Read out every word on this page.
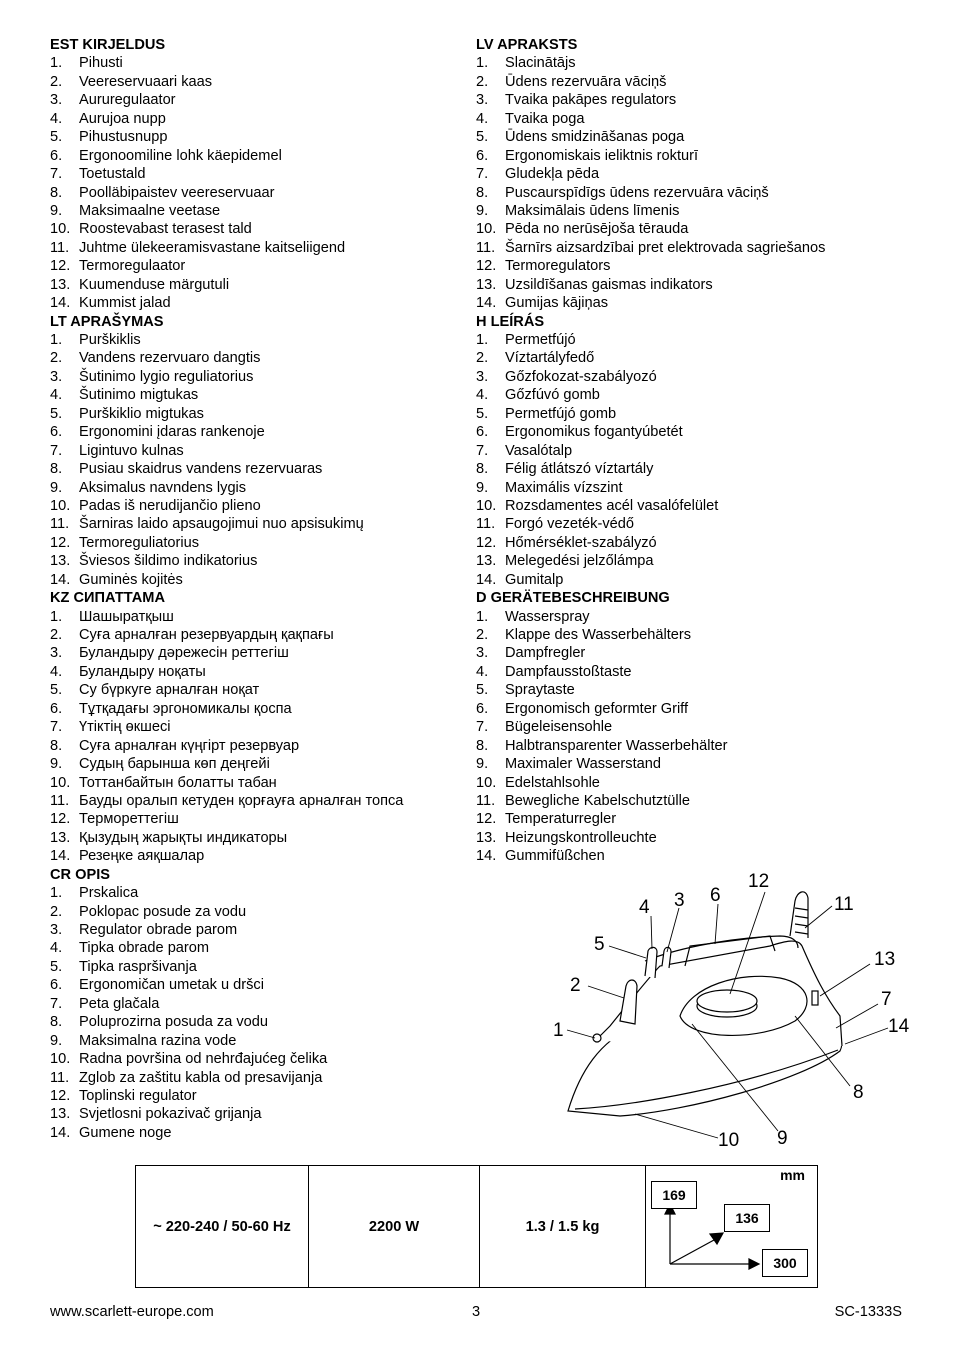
EST KIRJELDUS
1. Pihusti
2. Veereservuaari kaas
3. Aururegulaator
4. Aurujoa nupp
5. Pihustusnupp
6. Ergonoomiline lohk käepidemel
7. Toetustald
8. Poolläbipaistev veereservuaar
9. Maksimaalne veetase
10. Roostevabast terasest tald
11. Juhtme ülekeeramisvastane kaitseliigend
12. Termoregulaator
13. Kuumenduse märgutuli
14. Kummist jalad
LT APRAŠYMAS
1. Purškiklis
2. Vandens rezervuaro dangtis
3. Šutinimo lygio reguliatorius
4. Šutinimo migtukas
5. Purškiklio migtukas
6. Ergonomini įdaras rankenoje
7. Ligintuvo kulnas
8. Pusiau skaidrus vandens rezervuaras
9. Aksimalus navndens lygis
10. Padas iš nerudijančio plieno
11. Šarniras laido apsaugojimui nuo apsisukimų
12. Termoreguliatorius
13. Šviesos šildimo indikatorius
14. Guminės kojitės
KZ СИПАТТАМА
1. Шашыратқыш
2. Суға арналған резервуардың қақпағы
3. Буландыру дәрежесін реттегіш
4. Буландыру ноқаты
5. Су бүркуге арналған ноқат
6. Тұтқадағы эргономикалы қоспа
7. Үтіктің өкшесі
8. Суға арналған күңгірт резервуар
9. Судың барынша көп деңгейі
10. Тоттанбайтын болатты табан
11. Бауды оралып кетуден қорғауға арналған топса
12. Термореттегіш
13. Қызудың жарықты индикаторы
14. Резеңке аяқшалар
CR OPIS
1. Prskalica
2. Poklopac posude za vodu
3. Regulator obrade parom
4. Tipka obrade parom
5. Tipka raspršivanja
6. Ergonomičan umetak u dršci
7. Peta glačala
8. Poluprozirna posuda za vodu
9. Maksimalna razina vode
10. Radna površina od nehrđajućeg čelika
11. Zglob za zaštitu kabla od presavijanja
12. Toplinski regulator
13. Svjetlosni pokazivač grijanja
14. Gumene noge
LV APRAKSTS
1. Slacinātājs
2. Ūdens rezervuāra vāciņš
3. Tvaika pakāpes regulators
4. Tvaika poga
5. Ūdens smidzināšanas poga
6. Ergonomiskais ieliktnis rokturī
7. Gludekļa pēda
8. Puscaurspīdīgs ūdens rezervuāra vāciņš
9. Maksimālais ūdens līmenis
10. Pēda no nerūsējoša tērauda
11. Šarnīrs aizsardzībai pret elektrovada sagriešanos
12. Termoregulators
13. Uzsildīšanas gaismas indikators
14. Gumijas kājiņas
H LEÍRÁS
1. Permetfújó
2. Víztartályfedő
3. Gőzfokozat-szabályozó
4. Gőzfúvó gomb
5. Permetfújó gomb
6. Ergonomikus fogantyúbetét
7. Vasalótalp
8. Félig átlátszó víztartály
9. Maximális vízszint
10. Rozsdamentes acél vasalófelület
11. Forgó vezeték-védő
12. Hőmérséklet-szabályzó
13. Melegedési jelzőlámpa
14. Gumitalp
D GERÄTEBESCHREIBUNG
1. Wasserspray
2. Klappe des Wasserbehälters
3. Dampfregler
4. Dampfausstoßtaste
5. Spraytaste
6. Ergonomisch geformter Griff
7. Bügeleisensohle
8. Halbtransparenter Wasserbehälter
9. Maximaler Wasserstand
10. Edelstahlsohle
11. Bewegliche Kabelschutztülle
12. Temperaturregler
13. Heizungskontrolleuchte
14. Gummifüßchen
1
2
3
4
5
6
7
8
9
10
11
12
13
14
~ 220-240 / 50-60 Hz	2200 W	1.3 / 1.5 kg	
mm
169
136
300
www.scarlett-europe.com	3	SC-1333S
